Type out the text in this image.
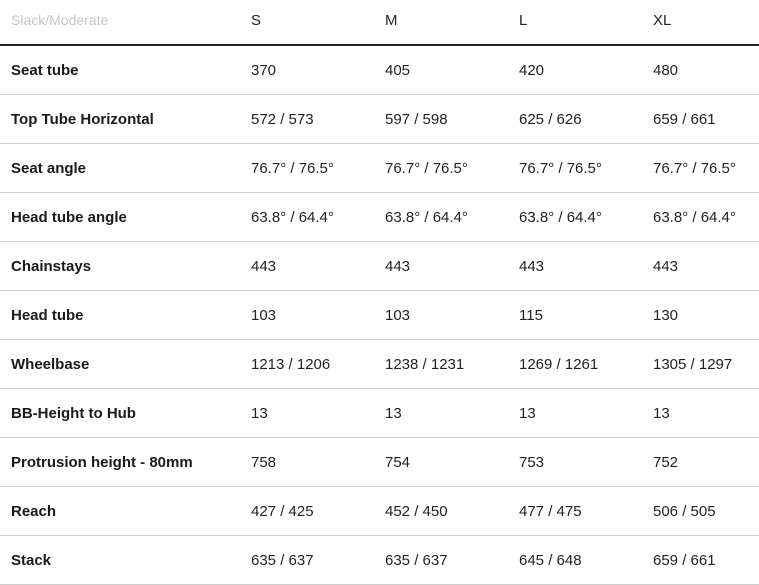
Slack/Moderate	S	M	L	XL
Seat tube	370	405	420	480
Top Tube Horizontal	572 / 573	597 / 598	625 / 626	659 / 661
Seat angle	76.7° / 76.5°	76.7° / 76.5°	76.7° / 76.5°	76.7° / 76.5°
Head tube angle	63.8° / 64.4°	63.8° / 64.4°	63.8° / 64.4°	63.8° / 64.4°
Chainstays	443	443	443	443
Head tube	103	103	115	130
Wheelbase	1213 / 1206	1238 / 1231	1269 / 1261	1305 / 1297
BB-Height to Hub	13	13	13	13
Protrusion height - 80mm	758	754	753	752
Reach	427 / 425	452 / 450	477 / 475	506 / 505
Stack	635 / 637	635 / 637	645 / 648	659 / 661
